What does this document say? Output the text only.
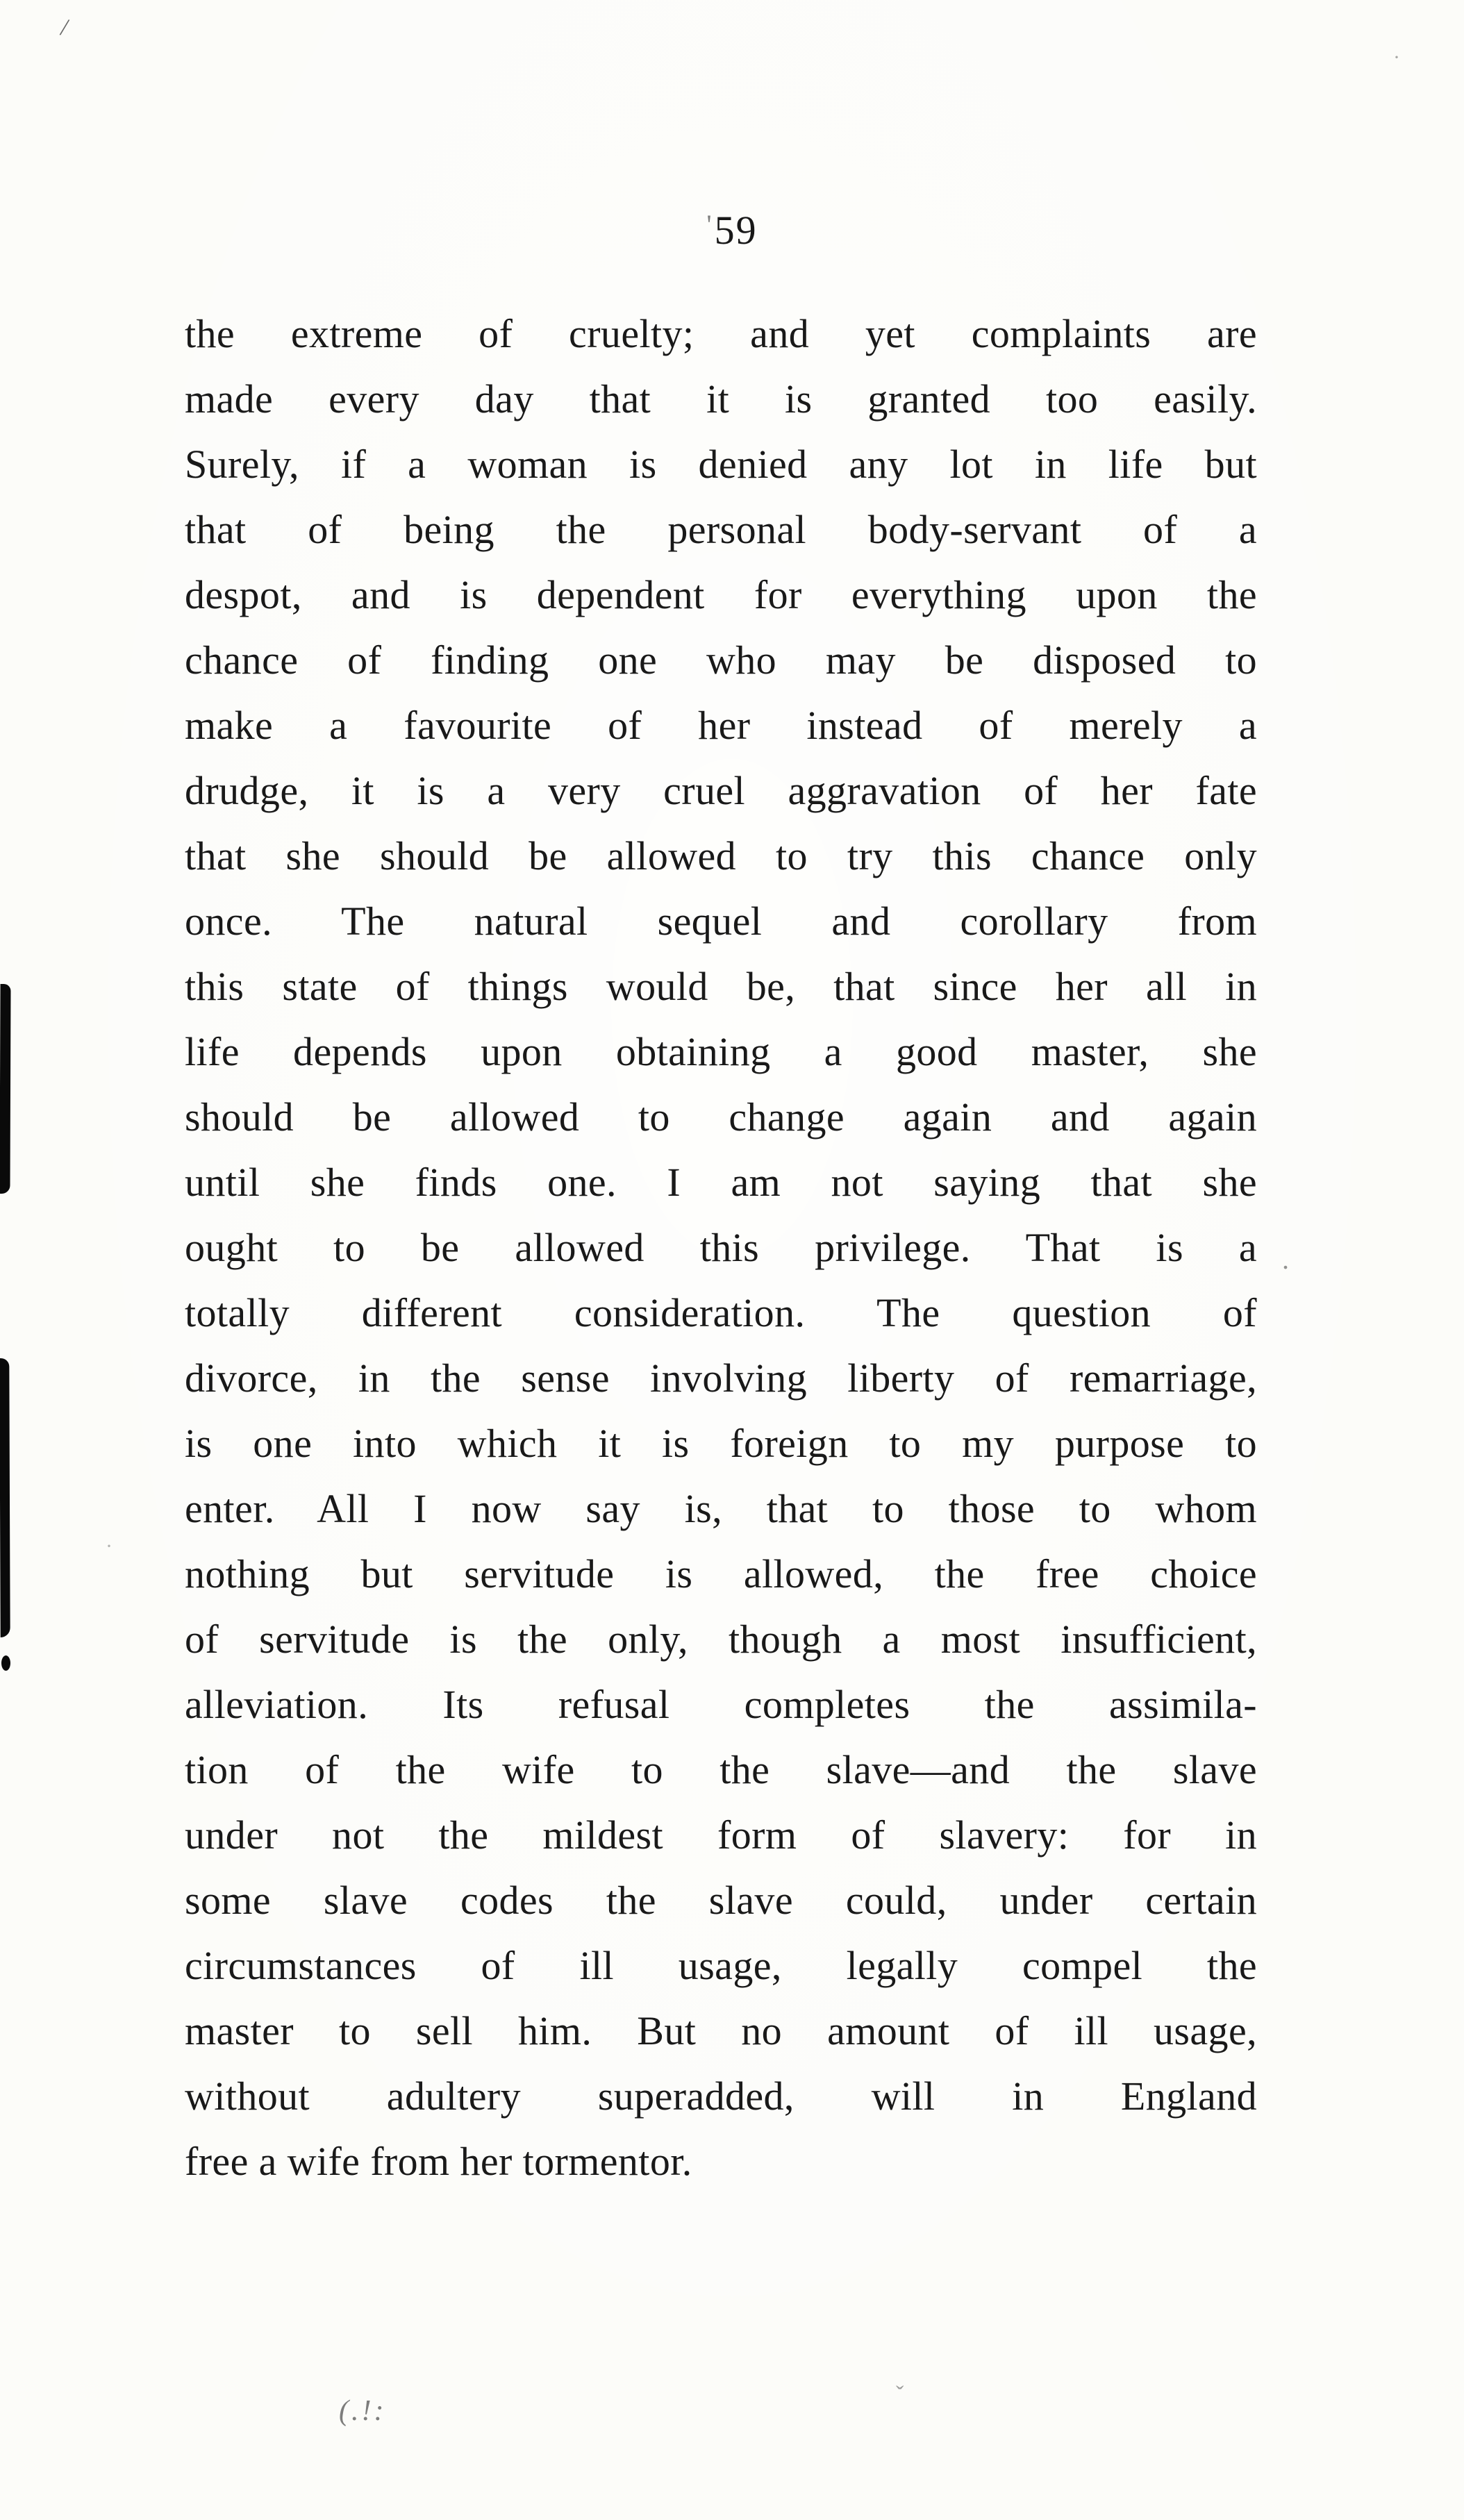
/
·
'59
the extreme of cruelty; and yet complaints are
made every day that it is granted too easily.
Surely, if a woman is denied any lot in life but
that of being the personal body-servant of a
despot, and is dependent for everything upon the
chance of finding one who may be disposed to
make a favourite of her instead of merely a
drudge, it is a very cruel aggravation of her fate
that she should be allowed to try this chance only
once. The natural sequel and corollary from
this state of things would be, that since her all in
life depends upon obtaining a good master, she
should be allowed to change again and again
until she finds one. I am not saying that she
ought to be allowed this privilege. That is a
totally different consideration. The question of
divorce, in the sense involving liberty of remarriage,
is one into which it is foreign to my purpose to
enter. All I now say is, that to those to whom
nothing but servitude is allowed, the free choice
of servitude is the only, though a most insufficient,
alleviation. Its refusal completes the assimila-
tion of the wife to the slave—and the slave
under not the mildest form of slavery: for in
some slave codes the slave could, under certain
circumstances of ill usage, legally compel the
master to sell him. But no amount of ill usage,
without adultery superadded, will in England
free a wife from her tormentor.
.
·
(.!:
ˇ
